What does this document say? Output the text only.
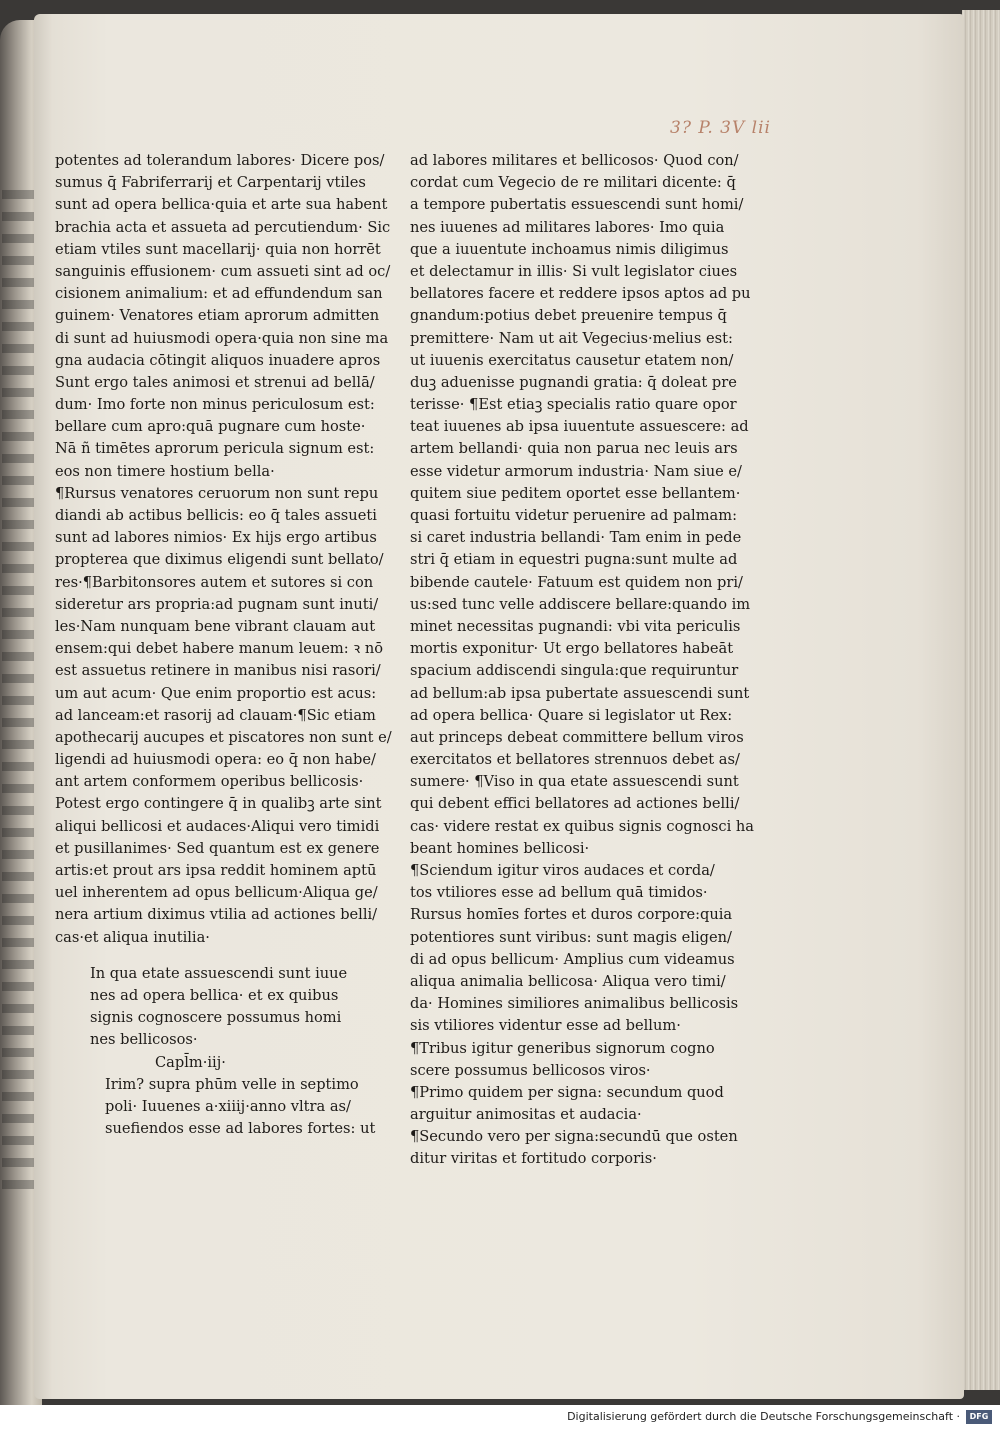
3? P. 3V lii
potentes ad tolerandum labores· Dicere pos/
sumus q̄ Fabriferrarij et Carpentarij vtiles
sunt ad opera bellica·quia et arte sua habent
brachia acta et assueta ad percutiendum· Sic
etiam vtiles sunt macellarij· quia non horrēt
sanguinis effusionem· cum assueti sint ad oc/
cisionem animalium: et ad effundendum san
guinem· Venatores etiam aprorum admitten
di sunt ad huiusmodi opera·quia non sine ma
gna audacia cōtingit aliquos inuadere apros
Sunt ergo tales animosi et strenui ad bellā/
dum· Imo forte non minus periculosum est:
bellare cum apro:quā pugnare cum hoste·
Nā ñ timētes aprorum pericula signum est:
eos non timere hostium bella·
¶Rursus venatores ceruorum non sunt repu
diandi ab actibus bellicis: eo q̄ tales assueti
sunt ad labores nimios· Ex hijs ergo artibus
propterea que diximus eligendi sunt bellato/
res·¶Barbitonsores autem et sutores si con
sideretur ars propria:ad pugnam sunt inuti/
les·Nam nunquam bene vibrant clauam aut
ensem:qui debet habere manum leuem: ꝛ nō
est assuetus retinere in manibus nisi rasori/
um aut acum· Que enim proportio est acus:
ad lanceam:et rasorij ad clauam·¶Sic etiam
apothecarij aucupes et piscatores non sunt e/
ligendi ad huiusmodi opera: eo q̄ non habe/
ant artem conformem operibus bellicosis·
Potest ergo contingere q̄ in qualibꝫ arte sint
aliqui bellicosi et audaces·Aliqui vero timidi
et pusillanimes· Sed quantum est ex genere
artis:et prout ars ipsa reddit hominem aptū
uel inherentem ad opus bellicum·Aliqua ge/
nera artium diximus vtilia ad actiones belli/
cas·et aliqua inutilia·
In qua etate assuescendi sunt iuue
nes ad opera bellica· et ex quibus
signis cognoscere possumus homi
nes bellicosos·
Capl̄m·iij·
Irim? supra phūm velle in septimo
poli· Iuuenes a·xiiij·anno vltra as/
suefiendos esse ad labores fortes: ut
ad labores militares et bellicosos· Quod con/
cordat cum Vegecio de re militari dicente: q̄
a tempore pubertatis essuescendi sunt homi/
nes iuuenes ad militares labores· Imo quia
que a iuuentute inchoamus nimis diligimus
et delectamur in illis· Si vult legislator ciues
bellatores facere et reddere ipsos aptos ad pu
gnandum:potius debet preuenire tempus q̄
premittere· Nam ut ait Vegecius·melius est:
ut iuuenis exercitatus causetur etatem non/
duꝫ aduenisse pugnandi gratia: q̄ doleat pre
terisse· ¶Est etiaꝫ specialis ratio quare opor
teat iuuenes ab ipsa iuuentute assuescere: ad
artem bellandi· quia non parua nec leuis ars
esse videtur armorum industria· Nam siue e/
quitem siue peditem oportet esse bellantem·
quasi fortuitu videtur peruenire ad palmam:
si caret industria bellandi· Tam enim in pede
stri q̄ etiam in equestri pugna:sunt multe ad
bibende cautele· Fatuum est quidem non pri/
us:sed tunc velle addiscere bellare:quando im
minet necessitas pugnandi: vbi vita periculis
mortis exponitur· Ut ergo bellatores habeāt
spacium addiscendi singula:que requiruntur
ad bellum:ab ipsa pubertate assuescendi sunt
ad opera bellica· Quare si legislator ut Rex:
aut princeps debeat committere bellum viros
exercitatos et bellatores strennuos debet as/
sumere· ¶Viso in qua etate assuescendi sunt
qui debent effici bellatores ad actiones belli/
cas· videre restat ex quibus signis cognosci ha
beant homines bellicosi·
¶Sciendum igitur viros audaces et corda/
tos vtiliores esse ad bellum quā timidos·
Rursus homīes fortes et duros corpore:quia
potentiores sunt viribus: sunt magis eligen/
di ad opus bellicum· Amplius cum videamus
aliqua animalia bellicosa· Aliqua vero timi/
da· Homines similiores animalibus bellicosis
sis vtiliores videntur esse ad bellum·
¶Tribus igitur generibus signorum cogno
scere possumus bellicosos viros·
¶Primo quidem per signa: secundum quod
arguitur animositas et audacia·
¶Secundo vero per signa:secundū que osten
ditur viritas et fortitudo corporis·
Digitalisierung gefördert durch die Deutsche Forschungsgemeinschaft ·	DFG
